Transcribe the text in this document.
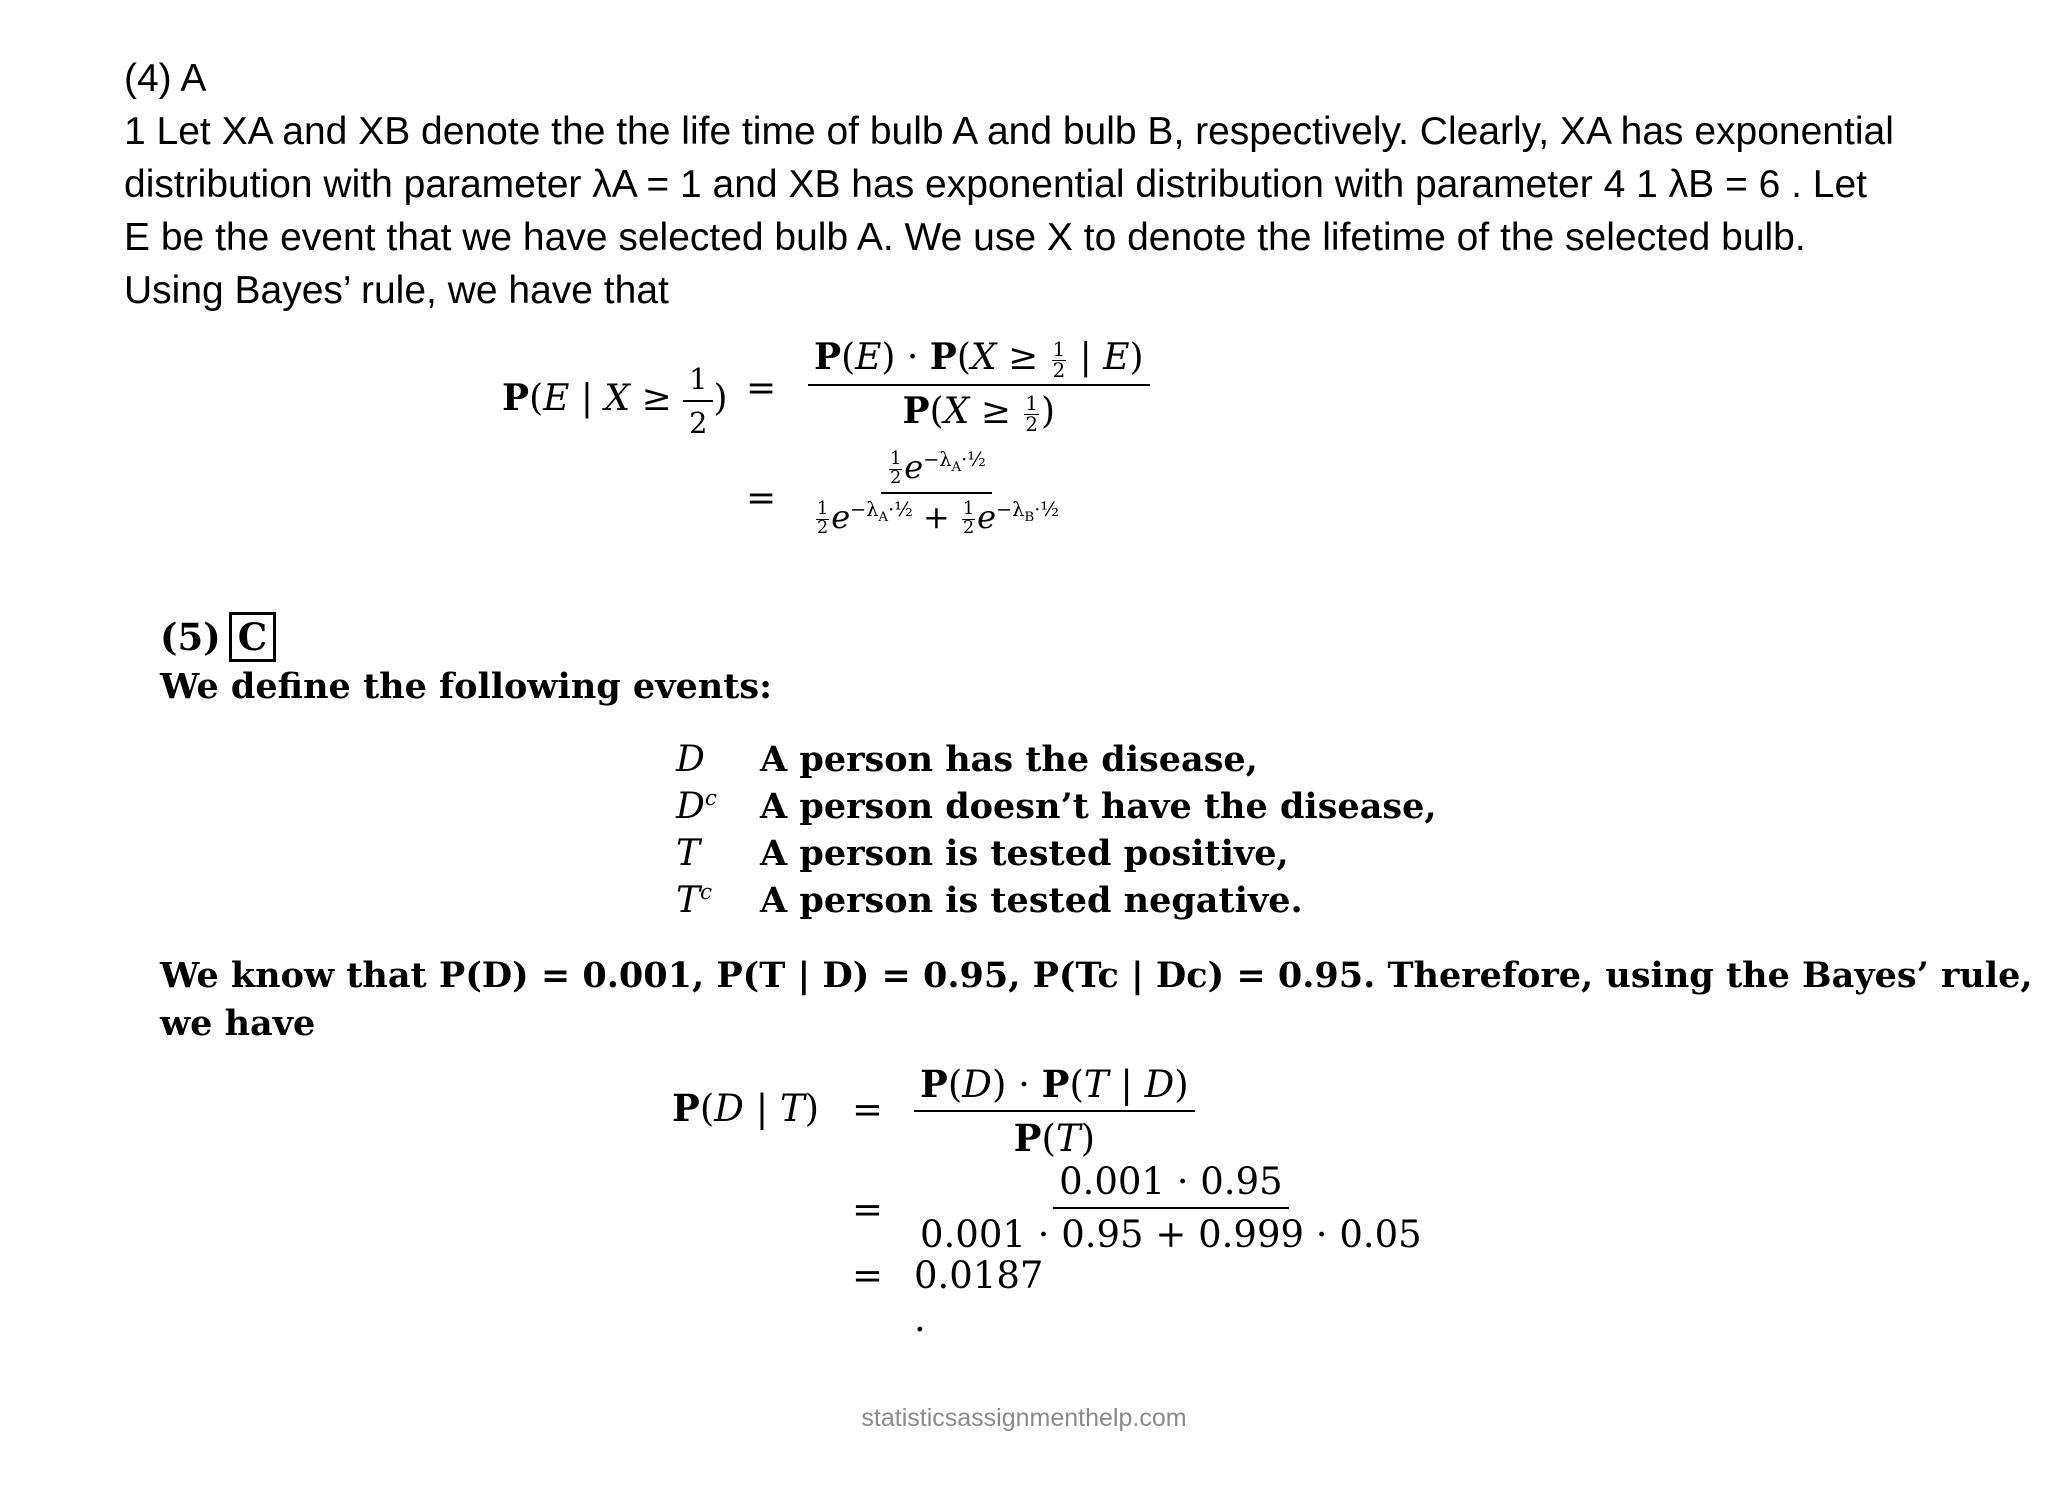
(4) A
1 Let XA and XB denote the the life time of bulb A and bulb B, respectively. Clearly, XA has exponential
distribution with parameter λA = 1 and XB has exponential distribution with parameter 4 1 λB = 6 . Let
E be the event that we have selected bulb A. We use X to denote the lifetime of the selected bulb.
Using Bayes’ rule, we have that
P(E | $X \ge \frac{1}{2}$ ) = $\frac{P(E) \cdot P(X \ge \frac{1}{2} | E)}{P(X \ge \frac{1}{2} )}$
= $\frac{\frac{1}{2} e^{-\lambda_A\cdot\frac{1}{2}}}{\frac{1}{2} e^{-\lambda_A\cdot\frac{1}{2}} + \frac{1}{2} e^{-\lambda_B\cdot\frac{1}{2}}}$
(5) C
We define the following events:
D	A person has the disease,
$D^c$	A person doesn’t have the disease,
T	A person is tested positive,
$T^c$	A person is tested negative.
We know that P(D) = 0.001, P(T | D) = 0.95, P(Tc | Dc) = 0.95. Therefore, using the Bayes’ rule,
we have
P(D | $T) = \frac{P(D) \cdot P(T | D)}{P(T)}$
= $\frac{0.001 \cdot 0.95}{0.001 \cdot 0.95 + 0.999 \cdot 0.05}$
= 0.0187 .
statisticsassignmenthelp.com
